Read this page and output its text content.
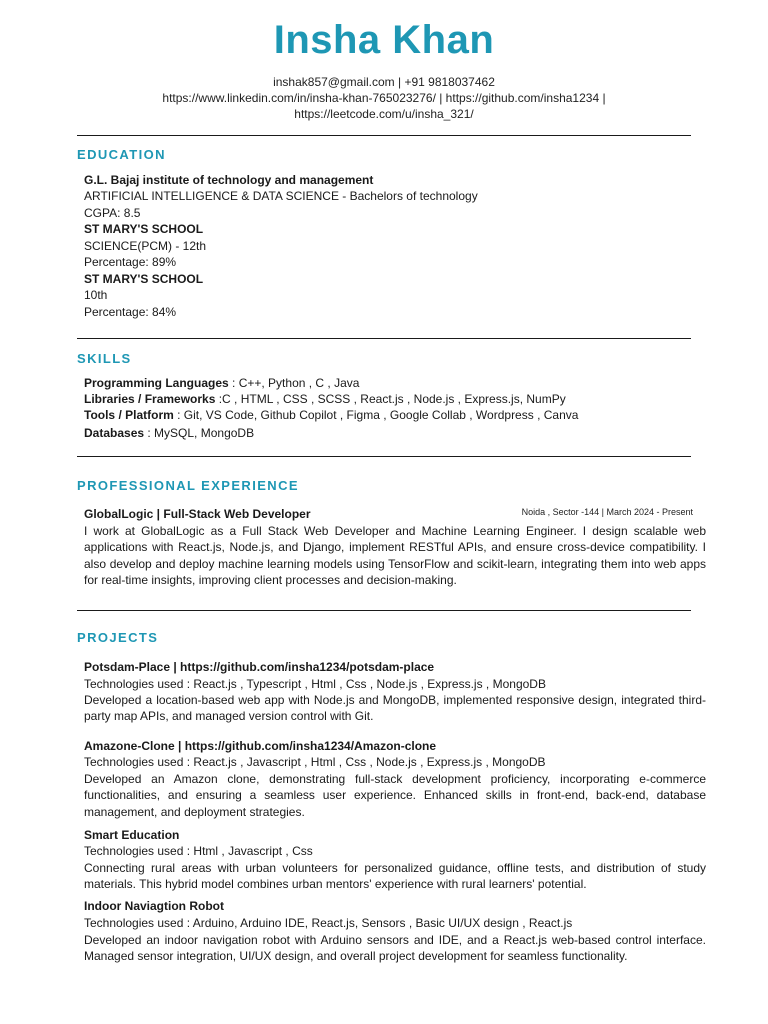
Insha Khan
inshak857@gmail.com | +91 9818037462
https://www.linkedin.com/in/insha-khan-765023276/ | https://github.com/insha1234 |
https://leetcode.com/u/insha_321/
EDUCATION
G.L. Bajaj institute of technology and management
ARTIFICIAL INTELLIGENCE & DATA SCIENCE - Bachelors of technology
CGPA: 8.5
ST MARY'S SCHOOL
SCIENCE(PCM) - 12th
Percentage: 89%
ST MARY'S SCHOOL
10th
Percentage: 84%
SKILLS
Programming Languages : C++, Python , C , Java
Libraries / Frameworks :C , HTML , CSS , SCSS , React.js , Node.js , Express.js, NumPy
Tools / Platform : Git, VS Code, Github Copilot , Figma , Google Collab , Wordpress , Canva
Databases : MySQL, MongoDB
PROFESSIONAL EXPERIENCE
GlobalLogic | Full-Stack Web Developer	Noida , Sector -144 | March 2024 - Present
I work at GlobalLogic as a Full Stack Web Developer and Machine Learning Engineer. I design scalable web applications with React.js, Node.js, and Django, implement RESTful APIs, and ensure cross-device compatibility. I also develop and deploy machine learning models using TensorFlow and scikit-learn, integrating them into web apps for real-time insights, improving client processes and decision-making.
PROJECTS
Potsdam-Place | https://github.com/insha1234/potsdam-place
Technologies used : React.js , Typescript , Html , Css , Node.js , Express.js , MongoDB
Developed a location-based web app with Node.js and MongoDB, implemented responsive design, integrated third-party map APIs, and managed version control with Git.
Amazone-Clone | https://github.com/insha1234/Amazon-clone
Technologies used : React.js , Javascript , Html , Css , Node.js , Express.js , MongoDB
Developed an Amazon clone, demonstrating full-stack development proficiency, incorporating e-commerce functionalities, and ensuring a seamless user experience. Enhanced skills in front-end, back-end, database management, and deployment strategies.
Smart Education
Technologies used : Html , Javascript , Css
Connecting rural areas with urban volunteers for personalized guidance, offline tests, and distribution of study materials. This hybrid model combines urban mentors' experience with rural learners' potential.
Indoor Naviagtion Robot
Technologies used : Arduino, Arduino IDE, React.js, Sensors , Basic UI/UX design , React.js
Developed an indoor navigation robot with Arduino sensors and IDE, and a React.js web-based control interface. Managed sensor integration, UI/UX design, and overall project development for seamless functionality.
